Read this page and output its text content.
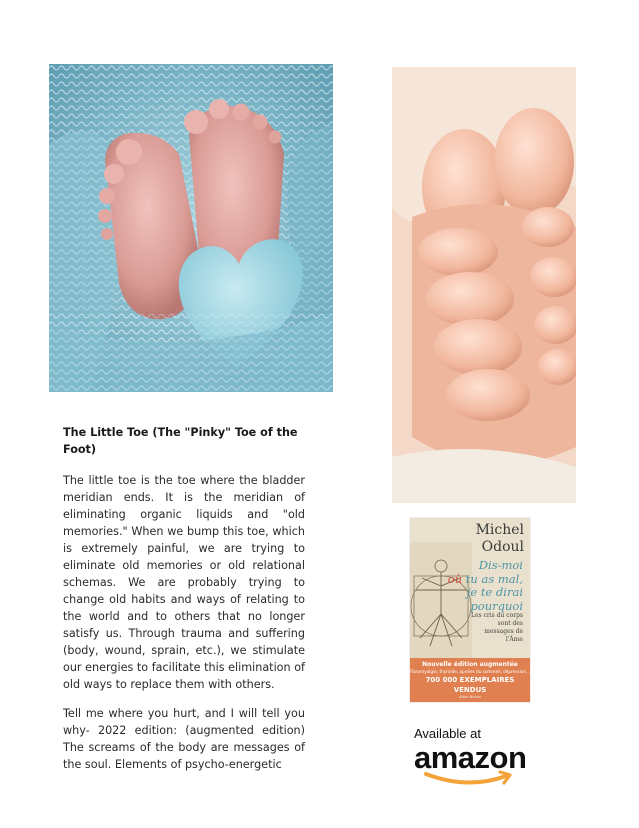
The Little Toe (The "Pinky" Toe of the Foot)
The little toe is the toe where the bladder meridian ends. It is the meridian of eliminating organic liquids and "old memories." When we bump this toe, which is extremely painful, we are trying to eliminate old memories or old relational schemas. We are probably trying to change old habits and ways of relating to the world and to others that no longer satisfy us. Through trauma and suffering (body, wound, sprain, etc.), we stimulate our energies to facilitate this elimination of old ways to replace them with others.
Tell me where you hurt, and I will tell you why- 2022 edition: (augmented edition) The screams of the body are messages of the soul. Elements of psycho-energetic
Michel
Odoul
Dis-moi
où tu as mal,
je te dirai
pourquoi
Les cris du corps sont des messages de l'Âme
Nouvelle édition augmentée
Fibromyalgie, thyroïde, apnées du sommeil, dépression...
700 000 EXEMPLAIRES VENDUS
Albin Michel
Available at
amazon
